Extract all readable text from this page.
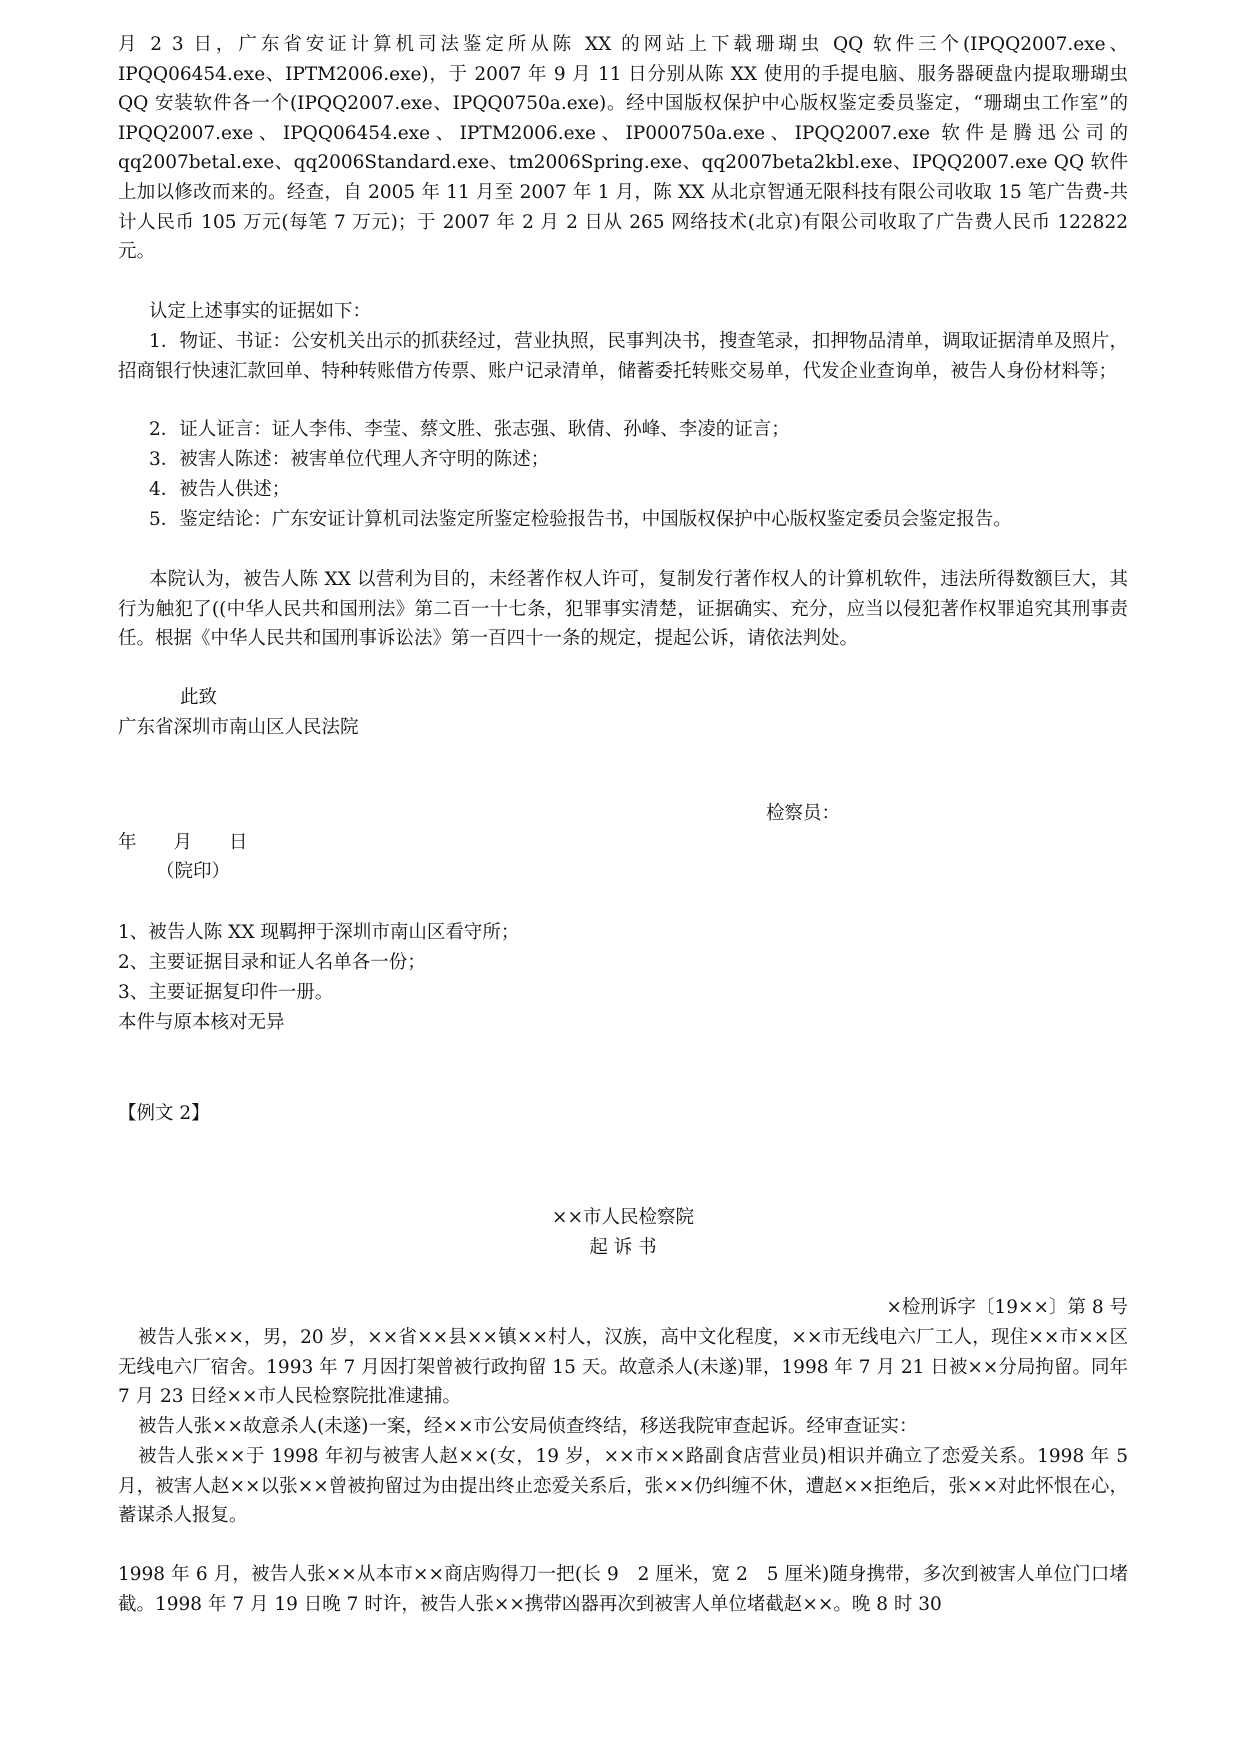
月 2 3 日，广东省安证计算机司法鉴定所从陈 XX 的网站上下载珊瑚虫 QQ 软件三个(IPQQ2007.exe、IPQQ06454.exe、IPTM2006.exe)，于 2007 年 9 月 11 日分别从陈 XX 使用的手提电脑、服务器硬盘内提取珊瑚虫 QQ 安装软件各一个(IPQQ2007.exe、IPQQ0750a.exe)。经中国版权保护中心版权鉴定委员鉴定，“珊瑚虫工作室”的 IPQQ2007.exe、IPQQ06454.exe、IPTM2006.exe、IP000750a.exe、IPQQ2007.exe 软件是腾迅公司的 qq2007betal.exe、qq2006Standard.exe、tm2006Spring.exe、qq2007beta2kbl.exe、IPQQ2007.exe QQ 软件上加以修改而来的。经查，自 2005 年 11 月至 2007 年 1 月，陈 XX 从北京智通无限科技有限公司收取 15 笔广告费-共计人民币 105 万元(每笔 7 万元)；于 2007 年 2 月 2 日从 265 网络技术(北京)有限公司收取了广告费人民币 122822 元。

认定上述事实的证据如下：

1．物证、书证：公安机关出示的抓获经过，营业执照，民事判决书，搜查笔录，扣押物品清单，调取证据清单及照片，招商银行快速汇款回单、特种转账借方传票、账户记录清单，储蓄委托转账交易单，代发企业查询单，被告人身份材料等；

2．证人证言：证人李伟、李莹、蔡文胜、张志强、耿倩、孙峰、李凌的证言；

3．被害人陈述：被害单位代理人齐守明的陈述；

4．被告人供述；

5．鉴定结论：广东安证计算机司法鉴定所鉴定检验报告书，中国版权保护中心版权鉴定委员会鉴定报告。

本院认为，被告人陈 XX 以营利为目的，未经著作权人许可，复制发行著作权人的计算机软件，违法所得数额巨大，其行为触犯了((中华人民共和国刑法》第二百一十七条，犯罪事实清楚，证据确实、充分，应当以侵犯著作权罪追究其刑事责任。根据《中华人民共和国刑事诉讼法》第一百四十一条的规定，提起公诉，请依法判处。

此致

广东省深圳市南山区人民法院

检察员：

年　　月　　日

（院印）

1、被告人陈 XX 现羁押于深圳市南山区看守所；

2、主要证据目录和证人名单各一份；

3、主要证据复印件一册。

本件与原本核对无异

【例文 2】

××市人民检察院

起 诉 书

×检刑诉字〔19××〕第 8 号

被告人张××，男，20 岁，××省××县××镇××村人，汉族，高中文化程度，××市无线电六厂工人，现住××市××区无线电六厂宿舍。1993 年 7 月因打架曾被行政拘留 15 天。故意杀人(未遂)罪，1998 年 7 月 21 日被××分局拘留。同年 7 月 23 日经××市人民检察院批准逮捕。

被告人张××故意杀人(未遂)一案，经××市公安局侦查终结，移送我院审查起诉。经审查证实：

被告人张××于 1998 年初与被害人赵××(女，19 岁，××市××路副食店营业员)相识并确立了恋爱关系。1998 年 5 月，被害人赵××以张××曾被拘留过为由提出终止恋爱关系后，张××仍纠缠不休，遭赵××拒绝后，张××对此怀恨在心，蓄谋杀人报复。

1998 年 6 月，被告人张××从本市××商店购得刀一把(长 9　2 厘米，宽 2　5 厘米)随身携带，多次到被害人单位门口堵截。1998 年 7 月 19 日晚 7 时许，被告人张××携带凶器再次到被害人单位堵截赵××。晚 8 时 30
